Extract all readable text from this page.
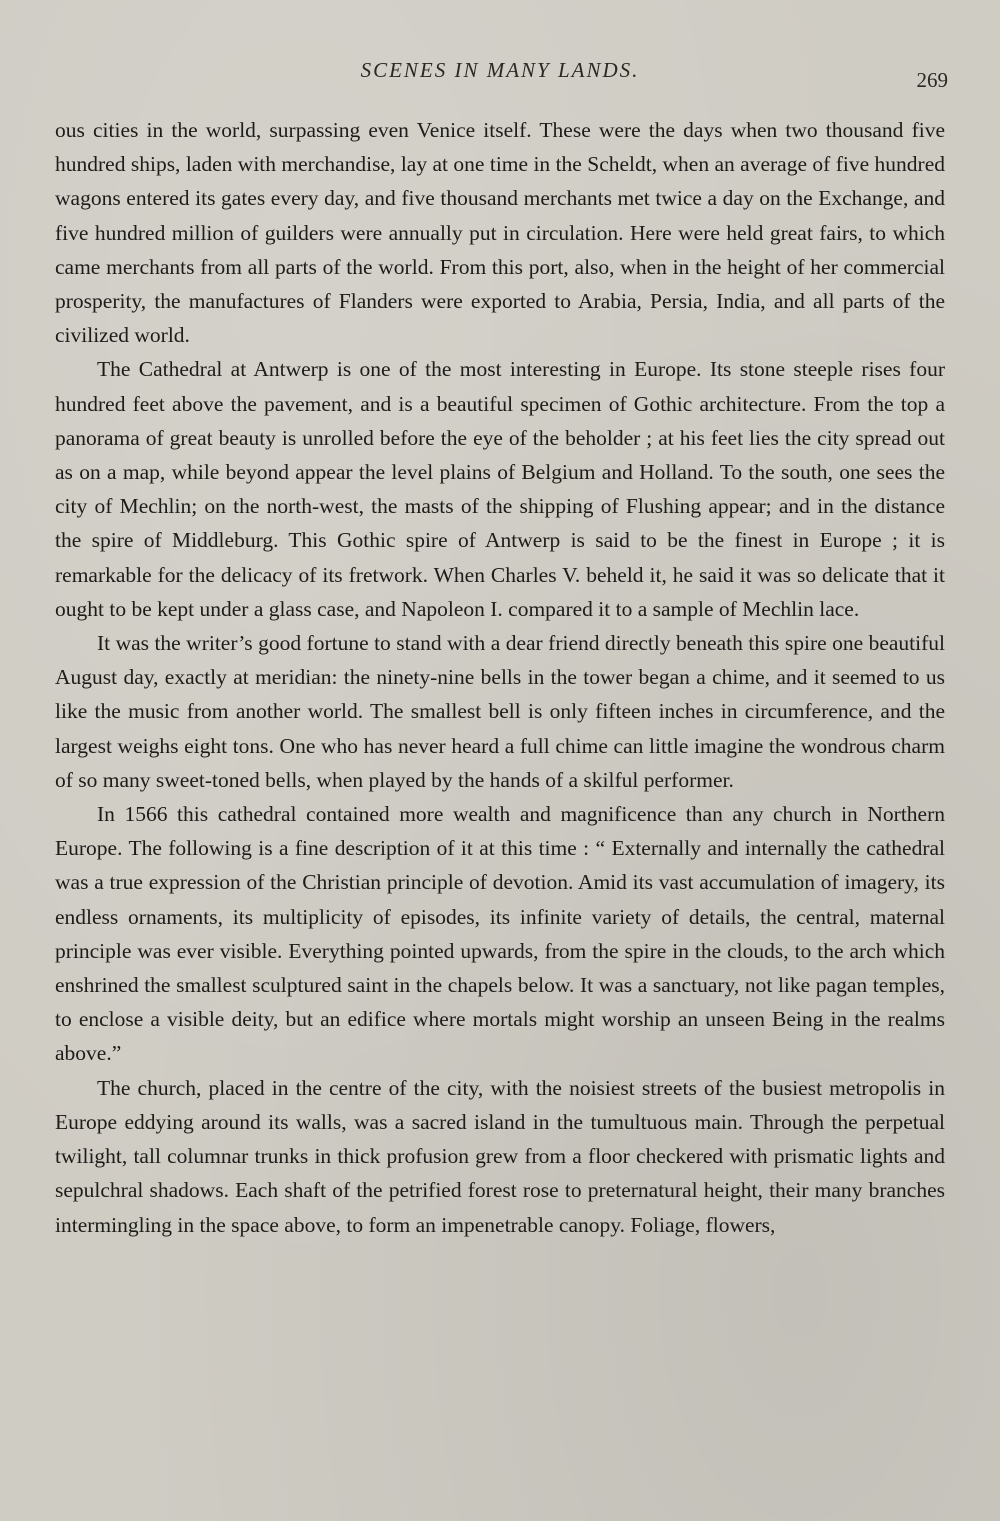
SCENES IN MANY LANDS.	269

ous cities in the world, surpassing even Venice itself. These were the days when two thousand five hundred ships, laden with merchandise, lay at one time in the Scheldt, when an average of five hundred wagons entered its gates every day, and five thousand merchants met twice a day on the Exchange, and five hundred million of guilders were annually put in circulation. Here were held great fairs, to which came merchants from all parts of the world. From this port, also, when in the height of her commercial prosperity, the manufactures of Flanders were exported to Arabia, Persia, India, and all parts of the civilized world.

The Cathedral at Antwerp is one of the most interesting in Europe. Its stone steeple rises four hundred feet above the pavement, and is a beautiful specimen of Gothic architecture. From the top a panorama of great beauty is unrolled before the eye of the beholder ; at his feet lies the city spread out as on a map, while beyond appear the level plains of Belgium and Holland. To the south, one sees the city of Mechlin; on the north-west, the masts of the shipping of Flushing appear; and in the distance the spire of Middleburg. This Gothic spire of Antwerp is said to be the finest in Europe ; it is remarkable for the delicacy of its fretwork. When Charles V. beheld it, he said it was so delicate that it ought to be kept under a glass case, and Napoleon I. compared it to a sample of Mechlin lace.

It was the writer’s good fortune to stand with a dear friend directly beneath this spire one beautiful August day, exactly at meridian: the ninety-nine bells in the tower began a chime, and it seemed to us like the music from another world. The smallest bell is only fifteen inches in circumference, and the largest weighs eight tons. One who has never heard a full chime can little imagine the wondrous charm of so many sweet-toned bells, when played by the hands of a skilful performer.

In 1566 this cathedral contained more wealth and magnificence than any church in Northern Europe. The following is a fine description of it at this time : “ Externally and internally the cathedral was a true expression of the Christian principle of devotion. Amid its vast accumulation of imagery, its endless ornaments, its multiplicity of episodes, its infinite variety of details, the central, maternal principle was ever visible. Everything pointed upwards, from the spire in the clouds, to the arch which enshrined the smallest sculptured saint in the chapels below. It was a sanctuary, not like pagan temples, to enclose a visible deity, but an edifice where mortals might worship an unseen Being in the realms above.”

The church, placed in the centre of the city, with the noisiest streets of the busiest metropolis in Europe eddying around its walls, was a sacred island in the tumultuous main. Through the perpetual twilight, tall columnar trunks in thick profusion grew from a floor checkered with prismatic lights and sepulchral shadows. Each shaft of the petrified forest rose to preternatural height, their many branches intermingling in the space above, to form an impenetrable canopy. Foliage, flowers,
